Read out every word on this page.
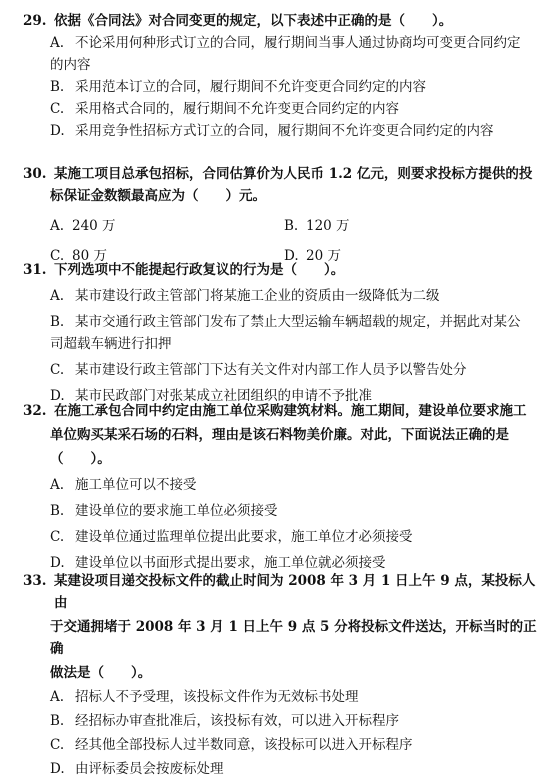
29. 依据《合同法》对合同变更的规定，以下表述中正确的是（　　）。
A. 不论采用何种形式订立的合同，履行期间当事人通过协商均可变更合同约定
的内容
B. 采用范本订立的合同，履行期间不允许变更合同约定的内容
C. 采用格式合同的，履行期间不允许变更合同约定的内容
D. 采用竞争性招标方式订立的合同，履行期间不允许变更合同约定的内容
30. 某施工项目总承包招标，合同估算价为人民币 1.2 亿元，则要求投标方提供的投
标保证金数额最高应为（　　）元。
A. 240 万	B. 120 万
C. 80 万	D. 20 万
31. 下列选项中不能提起行政复议的行为是（　　）。
A. 某市建设行政主管部门将某施工企业的资质由一级降低为二级
B. 某市交通行政主管部门发布了禁止大型运输车辆超载的规定，并据此对某公
司超载车辆进行扣押
C. 某市建设行政主管部门下达有关文件对内部工作人员予以警告处分
D. 某市民政部门对张某成立社团组织的申请不予批准
32. 在施工承包合同中约定由施工单位采购建筑材料。施工期间，建设单位要求施工
单位购买某采石场的石料，理由是该石料物美价廉。对此，下面说法正确的是
（　　）。
A. 施工单位可以不接受
B. 建设单位的要求施工单位必须接受
C. 建设单位通过监理单位提出此要求，施工单位才必须接受
D. 建设单位以书面形式提出要求，施工单位就必须接受
33. 某建设项目递交投标文件的截止时间为 2008 年 3 月 1 日上午 9 点，某投标人由
于交通拥堵于 2008 年 3 月 1 日上午 9 点 5 分将投标文件送达，开标当时的正确
做法是（　　）。
A. 招标人不予受理，该投标文件作为无效标书处理
B. 经招标办审查批准后，该投标有效，可以进入开标程序
C. 经其他全部投标人过半数同意，该投标可以进入开标程序
D. 由评标委员会按废标处理
